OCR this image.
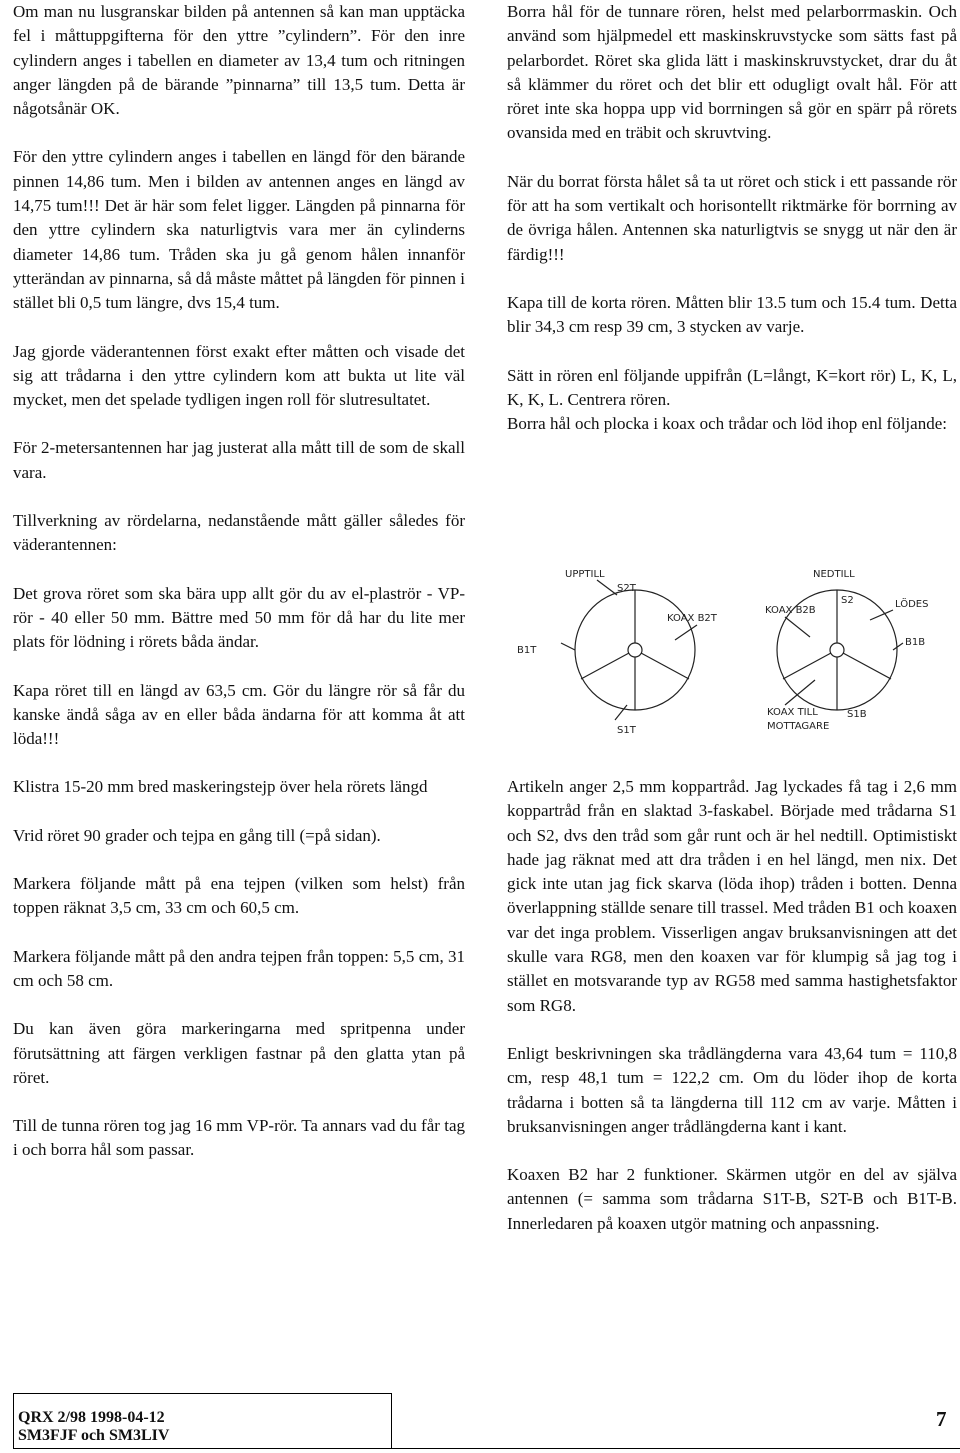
Om man nu lusgranskar bilden på antennen så kan man upptäcka fel i måttuppgifterna för den yttre ”cylindern”. För den inre cylindern anges i tabellen en diameter av 13,4 tum och ritningen anger längden på de bärande ”pinnarna” till 13,5 tum. Detta är någotsånär OK.

För den yttre cylindern anges i tabellen en längd för den bärande pinnen 14,86 tum. Men i bilden av antennen anges en längd av 14,75 tum!!! Det är här som felet ligger. Längden på pinnarna för den yttre cylindern ska naturligtvis vara mer än cylinderns diameter 14,86 tum. Tråden ska ju gå genom hålen innanför ytterändan av pinnarna, så då måste måttet på längden för pinnen i stället bli 0,5 tum längre, dvs 15,4 tum.

Jag gjorde väderantennen först exakt efter måtten och visade det sig att trådarna i den yttre cylindern kom att bukta ut lite väl mycket, men det spelade tydligen ingen roll för slutresultatet.

För 2-metersantennen har jag justerat alla mått till de som de skall vara.

Tillverkning av rördelarna, nedanstående mått gäller således för väderantennen:

Det grova röret som ska bära upp allt gör du av el-plaströr - VP-rör - 40 eller 50 mm. Bättre med 50 mm för då har du lite mer plats för lödning i rörets båda ändar.

Kapa röret till en längd av 63,5 cm. Gör du längre rör så får du kanske ändå såga av en eller båda ändarna för att komma åt att löda!!!

Klistra 15-20 mm bred maskeringstejp över hela rörets längd

Vrid röret 90 grader och tejpa en gång till (=på sidan).

Markera följande mått på ena tejpen (vilken som helst) från toppen räknat 3,5 cm, 33 cm och 60,5 cm.

Markera följande mått på den andra tejpen från toppen: 5,5 cm, 31 cm och 58 cm.

Du kan även göra markeringarna med spritpenna under förutsättning att färgen verkligen fastnar på den glatta ytan på röret.

Till de tunna rören tog jag 16 mm VP-rör. Ta annars vad du får tag i och borra hål som passar.

Borra hål för de tunnare rören, helst med pelarborrmaskin. Och använd som hjälpmedel ett maskinskruvstycke som sätts fast på pelarbordet. Röret ska glida lätt i maskinskruvstycket, drar du åt så klämmer du röret och det blir ett odugligt ovalt hål. För att röret inte ska hoppa upp vid borrningen så gör en spärr på rörets ovansida med en träbit och skruvtving.

När du borrat första hålet så ta ut röret och stick i ett passande rör för att ha som vertikalt och horisontellt riktmärke för borrning av de övriga hålen. Antennen ska naturligtvis se snygg ut när den är färdig!!!

Kapa till de korta rören. Måtten blir 13.5 tum och 15.4 tum. Detta blir 34,3 cm resp 39 cm, 3 stycken av varje.

Sätt in rören enl följande uppifrån (L=långt, K=kort rör) L, K, L, K, K, L. Centrera rören.

Borra hål och plocka i koax och trådar och löd ihop enl följande:

UPPTILL
S2T
NEDTILL
S2	LÖDES
B1T
KOAX B2T
KOAX B2B
B1B
S1T
KOAX TILL
MOTTAGARE
S1B

Artikeln anger 2,5 mm koppartråd. Jag lyckades få tag i 2,6 mm koppartråd från en slaktad 3-faskabel. Började med trådarna S1 och S2, dvs den tråd som går runt och är hel nedtill. Optimistiskt hade jag räknat med att dra tråden i en hel längd, men nix. Det gick inte utan jag fick skarva (löda ihop) tråden i botten. Denna överlappning ställde senare till trassel. Med tråden B1 och koaxen var det inga problem. Visserligen angav bruksanvisningen att det skulle vara RG8, men den koaxen var för klumpig så jag tog i stället en motsvarande typ av RG58 med samma hastighetsfaktor som RG8.

Enligt beskrivningen ska trådlängderna vara 43,64 tum = 110,8 cm, resp 48,1 tum = 122,2 cm. Om du löder ihop de korta trådarna i botten så ta längderna till 112 cm av varje. Måtten i bruksanvisningen anger trådlängderna kant i kant.

Koaxen B2 har 2 funktioner. Skärmen utgör en del av själva antennen (= samma som trådarna S1T-B, S2T-B och B1T-B. Innerledaren på koaxen utgör matning och anpassning.

QRX 2/98 1998-04-12
SM3FJF och SM3LIV
7
